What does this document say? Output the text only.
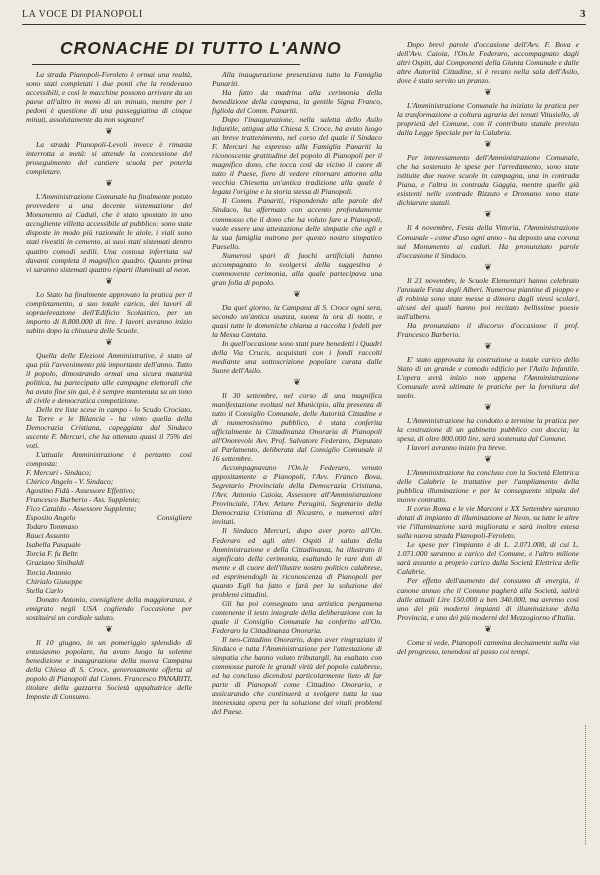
LA VOCE DI PIANOPOLI	3
CRONACHE DI TUTTO L'ANNO

La strada Pianopoli-Feroleto è ormai una realtà, sono stati completati i due ponti che la rendevano accessibili, e così le macchine possono arrivare da un paese all'altro in meno di un minuto, mentre per i pedoni è questione di una passeggiatina di cinque minuti, assolutamente da non sognare!

❦

La strada Pianopoli-Levoli invece è rimasta interrotta a metà: si attende la concessione del proseguimento del cantiere scuola per poterla completare.

❦

L'Amministrazione Comunale ha finalmente potuto provvedere a una decente sistemazione del Monumento ai Caduti, che è stato spostato in uno accogliente villetta accessibile al pubblico: sono state disposte in modo più razionale le aiole, i viali sono stati rivestiti in cemento, ai suoi stati sistemati dentro quattro comodi sedili. Una costosa inferriata sul davanti completa il magnifico quadro. Quanto prima vi saranno sistemati quattro riparti illuminati al neon.

❦

Lo Stato ha finalmente approvato la pratica per il completamento, a suo totale carico, dei lavori di sopraelevazione dell'Edificio Scolastico, per un importo di 8.800.000 di lire. I lavori avranno inizio subito dopo la chiusura delle Scuole.

❦

Quella delle Elezioni Amministrative, è stato al qua più l'avvenimento più importante dell'anno. Tutto il popolo, dimostrando ormai una sicura maturità politica, ha partecipato alle campagne elettorali che ha avuto fine sin qui, è è sempre mantenuta su un tono di civile e democratica competizione.

Delle tre liste scese in campo - lo Scudo Crociato, la Torre e le Bilancia - ha vinto quella della Democrazia Cristiana, capeggiata dal Sindaco uscente F. Mercuri, che ha ottenuto quasi il 75% dei voti.

L'attuale Amministrazione è pertanto così composta:

F. Mercuri - Sindaco;
Chirico Angelo - V. Sindaco;
Agostino Fidà - Assessore Effettivo;
Francesco Barberio - Ass. Supplente;
Fico Cataldo - Assessore Supplente;
Esposito Angelo	Consigliere
Todaro Tommaso
Rauci Assunto
Isabella Pasquale
Torcia F. fu Beltr.
Graziano Sinibaldi
Torcia Antonio
Chirialo Giuseppe
Stella Carlo

Donato Antonio, consigliere della maggioranza, è emigrato negli USA cogliendo l'occasione per sostituirsi un cordiale saluto.

❦

Il 10 giugno, in un pomeriggio splendido di entusiasmo popolare, ha avuto luogo la solenne benedizione e inaugurazione della nuova Campana della Chiesa di S. Croce, generosamente offerta al popolo di Pianopoli dal Comm. Francesco PANARITI, titolare della gazzarra Società appaltatrice delle Imposte di Consumo.

Alla inaugurazione presenziava tutto la Famiglia Panariti.

Ha fatto da madrina alla cerimonia della benedizione della campana, la gentile Signa Franco, figliola del Comm. Panariti.

Dopo l'inaugurazione, nella saletta dello Asilo Infantile, attigua alla Chiesa S. Croce, ha avuto luogo un breve trattenimento, nel corso del quale il Sindaco F. Mercuri ha espresso alla Famiglia Panariti la riconoscente gratitudine del popolo di Pianopoli per il magnifico dono, che tocca così da vicino il cuore di tutto il Paese, fiero di vedere ritornare attorno alla vecchia Chiesetta un'antica tradizione alla quale è legata l'origine e la storia stessa di Pianopoli.

Il Comm. Panariti, rispondendo alle parole del Sindaco, ha affermato con accento profondamente commosso che il dono che ha voluto fare a Pianopoli, vuole essere una attestazione delle simpatie che egli e la sua famiglia nutrono per questo nostro simpatico Paesello.

Numerosi spari di fuochi artificiali hanno accompagnato lo svolgersi della suggestiva e commovente cerimonia, alla quale partecipava una gran folla di popolo.

❦

Da quel giorno, la Campana di S. Croce ogni sera, secondo un'antica usanza, suona la ora di notte, e quasi tutte le domeniche chiama a raccolta i fedeli per la Messa Cantata.

In quell'occasione sono stati pure benedetti i Quadri della Via Crucis, acquistati con i fondi raccolti mediante una sottoscrizione popolare curata dalle Suore dell'Asilo.

❦

Il 30 settembre, nel corso di una magnifica manifestazione svoltasi nel Municipio, alla presenza di tutto il Consiglio Comunale, delle Autorità Cittadine e di numerosissimo pubblico, è stata conferita ufficialmente la Cittadinanza Onoraria di Pianopoli all'Onorevole Avv. Prof. Salvatore Federaro, Deputato al Parlamento, deliberata dal Consiglio Comunale il 16 settembre.

Accompagnavano l'On.le Federaro, venuto appositamente a Pianopoli, l'Avv. Franco Bova, Segretario Provinciale della Democrazia Cristiana, l'Avv. Antonio Caioia, Assessore all'Amministrazione Provinciale, l'Avv. Arturo Perugini, Segretario della Democrazia Cristiana di Nicastro, e numerosi altri invitati.

Il Sindaco Mercuri, dopo aver porto all'On. Federaro ed agli altri Ospiti il saluto della Amministrazione e della Cittadinanza, ha illustrato il significato della cerimonia, esaltando le rare doti di mente e di cuore dell'illustre nostro politico calabrese, ed esprimendogli la riconoscenza di Pianopoli per quanto Egli ha fatto e farà per la soluzione dei problemi cittadini.

Gli ha poi consegnato una artistica pergamena contenente il testo integrale della deliberazione con la quale il Consiglio Comunale ha conferito all'On. Federaro la Cittadinanza Onoraria.

Il neo-Cittadino Onorario, dopo aver ringraziato il Sindaco e tutta l'Amministrazione per l'attestazione di simpatia che hanno voluto tributargli, ha esaltato con commosse parole le grandi virtù del popolo calabrese, ed ha concluso dicendosi particolarmente lieto di far parte di Pianopoli come Cittadino Onorario, e assicurando che continuerà a svolgere tutta la sua interessata opera per la soluzione dei vitali problemi del Paese.

Dopo brevi parole d'occasione dell'Avv. F. Bova e dell'Avv. Caioia, l'On.le Federaro, accompagnato dagli altri Ospiti, dai Componenti della Giunta Comunale e dalle altre Autorità Cittadine, si è recato nella sala dell'Asilo, dove è stato servito un pranzo.

❦

L'Amministrazione Comunale ha iniziato la pratica per la trasformazione a coltura agraria dei tenuti Vitusiello, di proprietà del Comune, con il contributo statale previsto dalla Legge Speciale per la Calabria.

❦

Per interessamento dell'Amministrazione Comunale, che ha sostenuto le spese per l'arredamento, sono state istituite due nuove scuole in campagna, una in contrada Piana, e l'altra in contrada Gaggia, mentre quelle già esistenti nelle contrade Rizzuto e Dromano sono state dichiarate statali.

❦

Il 4 novembre, Festa della Vittoria, l'Amministrazione Comunale - come d'uso ogni anno - ha deposto una corona sul Monumento ai caduti. Ha pronunziato parole d'occasione il Sindaco.

❦

Il 21 novembre, le Scuole Elementari hanno celebrato l'annuale Festa degli Alberi. Numerose piantine di pioppo e di robinia sono state messe a dimora dagli stessi scolari, alcuni dei quali hanno poi recitato bellissime poesie sull'albero.

Ha pronunziato il discorso d'occasione il prof. Francesco Barberio.

❦

E' stato approvata la costruzione a totale carico dello Stato di un grande e comodo edificio per l'Asilo Infantile. L'opera avrà inizio non appena l'Amministrazione Comunale avrà ultimate le pratiche per la fornitura del suolo.

❦

L'Amministrazione ha condotto a termine la pratica per la costruzione di un gabinetto pubblico con doccia; la spesa, di oltre 800.000 lire, sarà sostenuta dal Comune.

I lavori avranno inizio fra breve.

❦

L'Amministrazione ha concluso con la Società Elettrica delle Calabrie le trattative per l'ampliamento della pubblica illuminazione e per la conseguente stipula del nuovo contratto.

Il corso Roma e le vie Marconi e XX Settembre saranno dotati di impianto di illuminazione al Neon, su tutte le altre vie l'illuminazione sarà migliorata e sarà inoltre estesa sulla nuova strada Pianopoli-Feroleto.

Le spese per l'impianto è di L. 2.071.000, di cui L. 1.071.000 saranno a carico del Comune, e l'altro milione sarà assunto a proprio carico dalla Società Elettrica delle Calabrie.

Per effetto dell'aumento del consumo di energia, il canone annuo che il Comune pagherà alla Società, salirà dalle attuali Lire 150.000 a ben 340.000, ma avremo così uno dei più moderni impianti di illuminazione della Provincia, e uno dei più moderni del Mezzogiorno d'Italia.

❦

Come si vede, Pianopoli cammina decisamente sulla via del progresso, tenendosi al passo coi tempi.
